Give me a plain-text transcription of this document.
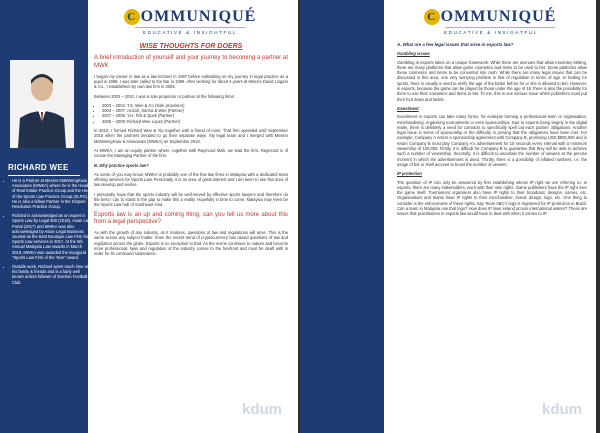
RICHARD WEE
• He is a Partner at Messrs MahWengKwai & Associates (MWKA) where he is the Head of Real Estate Practice Group and the Head of the Sports Law Practice Group (SLPG). He is also a fellow Partner in the Dispute Resolution Practice Group.
• Richard is acknowledged as an expert in Sports Law by Legal 500 (2018), Asian Law Portal (2017) and MWKA was also acknowledged by Asian Legal Business Journal as the Best Boutique Law Firm for Sports Law services in 2017. At the 5th Annual Malaysia Law Awards in March 2018, MWKA was awarded the inaugural "Sports Law Firm of the Year" Award.
• Outside work, Richard spent much time with his family & friends and is a fairly well known ardent follower of Everton Football Club.
C OMMUNIQUÉ
EDUCATIVE & INSIGHTFUL
WISE THOUGHTS FOR DOERS

A brief introduction of yourself and your journey to becoming a partner at MWK

I began my career in law as a law lecturer in 1997 before embarking on my journey in legal practice as a pupil in 1998. I was later called to the Bar in 1999. After working for about 4 years at Messrs David Lingam & Co., I established my own law firm in 2003.

Between 2003 – 2010, I was a sole proprietor or partner at the following firms:

• 2003 – 2004: T.S. Wee & Co (Sole proprietor)
• 2004 – 2007: Azizah, Sarina & Wee (Partner)
• 2007 – 2008: Y.H. Teh & Quek (Partner)
• 2008 – 2009: Richard Wee Lopez (Partner)

In 2010, I formed Richard Wee & Yip together with a friend of mine. That firm operated until September 2016 when the partners decided to go their separate ways. My legal team and I merged with Messrs MahWengKwai & Associates (MWKA) on September 2016.

At MWKA, I am an equity partner where, together with Raymond Mah, we lead the firm. Raymond is of course the Managing Partner of the firm.

B. Why practice sports law?

As some of you may know, MWKA is probably one of the few law firms in Malaysia with a dedicated team offering services for Sports Law. Personally, it is an area of great interest and I am keen to see this area of law develop and evolve.

I personally hope that the sports industry will be well-served by effective sports lawyers and therefore do the best I can to stand in the gap to make this a reality. Hopefully in time to come, Malaysia may even be the Sports Law hub of Southeast Asia.

Esports law is an up and coming thing, can you tell us more about this from a legal perspective?

As with the growth of any industry, as it matures, questions of law and regulations will arise. This is the same across any subject matter. Even the recent trend of cryptocurrency has raised questions of law and regulation across the globe. Esports is no exception to that. As the scene continues to mature and become more professional, laws and regulation of the industry comes to the forefront and must be dealt with in order for its continued sustenance.

kdum
C OMMUNIQUÉ
EDUCATIVE & INSIGHTFUL

A. What are a few legal issues that arise in esports law?

Gambling issues

Gambling in esports takes on a unique framework. While there are avenues that allow monetary betting, there are many platforms that allow game cosmetics and items to be used to bet. Some platforms allow these cosmetics and items to be converted into cash. While there are many legal issues that can be discussed in this area, one very worrying problem is that of regulation in terms of age. In betting for sports, there is usually a need to verify the age of the bettor before he or she is allowed to bet. However, in esports, because the game can be played by those under the age of 18, there is also the possibility for them to use their cosmetics and items to bet. To me, this is one serious issue which publishers must put their foot down and tackle.

Investment

Investment in esports can take many forms, for example forming a professional team or organisation, merchandising, organising tournaments or even sponsorships. Due to esports being largely in the digital realm, there is definitely a need for contracts to specifically spell out each parties' obligations. Another legal issue in terms of sponsorship is the difficulty in proving that the obligations have been met. For example, Company A enters a sponsorship agreement with Company B, promising USD $500,000 and in return Company B must play Company A's advertisement for 10 seconds every interval with a minimum viewership of 100,000. Firstly, it is difficult for Company B to guarantee that they will be able to achieve such a number of viewership. Secondly, it is difficult to ascertain the number of viewers at the precise moment in which the advertisement is aired. Thirdly, there is a possibility of inflated numbers, i.e. the usage of bot or shell account to boost the number of viewers.

IP protection

The question of IP can only be answered by first establishing whose IP right we are referring to. In esports, there are many stakeholders, each with their own rights. Game publishers have the IP right over the game itself. Tournament organisers also have IP rights to their broadcast, designs, names, etc. Organisations and teams have IP rights to their merchandise, brand, design, logo, etc. One thing to consider is the enforcement of these rights. Say Team ABC's logo is registered for IP protection in Brazil. Can a team in Malaysia use that logo? How does IP laws extend across international waters? These are issues that practitioners in esports law would have to deal with when it comes to IP.

kdum
